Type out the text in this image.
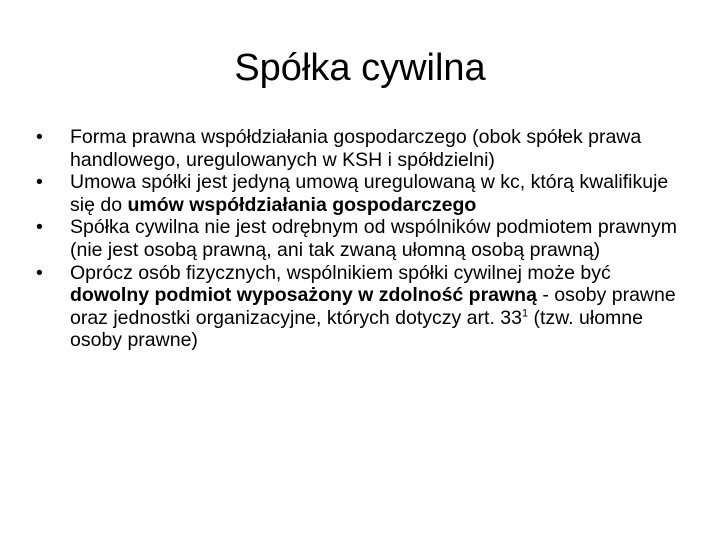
Spółka cywilna
•	Forma prawna współdziałania gospodarczego (obok spółek prawa handlowego, uregulowanych w KSH i spółdzielni)
•	Umowa spółki jest jedyną umową uregulowaną w kc, którą kwalifikuje się do umów współdziałania gospodarczego
•	Spółka cywilna nie jest odrębnym od wspólników podmiotem prawnym (nie jest osobą prawną, ani tak zwaną ułomną osobą prawną)
•	Oprócz osób fizycznych, wspólnikiem spółki cywilnej może być dowolny podmiot wyposażony w zdolność prawną - osoby prawne oraz jednostki organizacyjne, których dotyczy art. $33^1$ (tzw. ułomne osoby prawne)
